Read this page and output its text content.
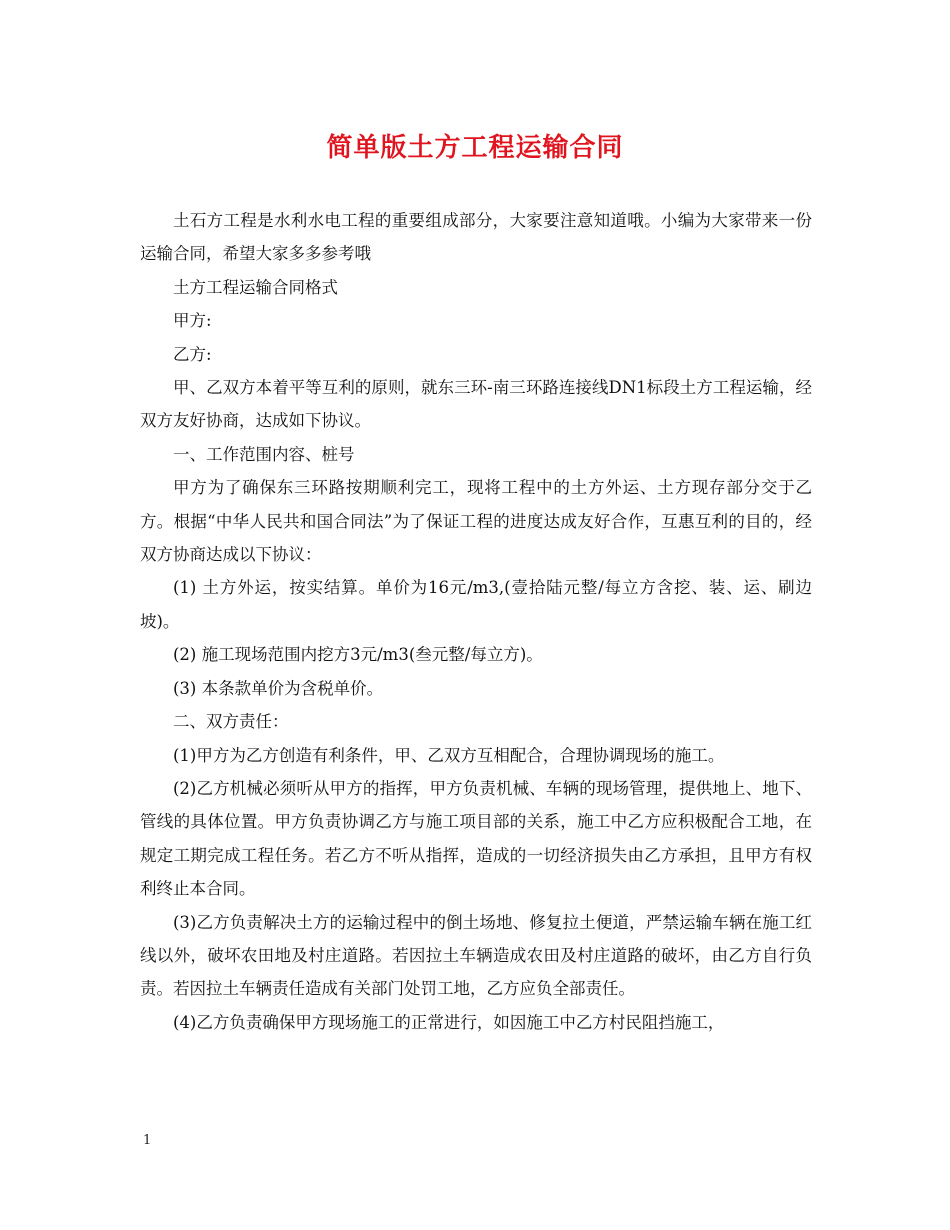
简单版土方工程运输合同

土石方工程是水利水电工程的重要组成部分，大家要注意知道哦。小编为大家带来一份运输合同，希望大家多多参考哦

土方工程运输合同格式

甲方:

乙方:

甲、乙双方本着平等互利的原则，就东三环-南三环路连接线DN1标段土方工程运输，经双方友好协商，达成如下协议。

一、工作范围内容、桩号

甲方为了确保东三环路按期顺利完工，现将工程中的土方外运、土方现存部分交于乙方。根据“中华人民共和国合同法”为了保证工程的进度达成友好合作，互惠互利的目的，经双方协商达成以下协议：

(1) 土方外运，按实结算。单价为16元/m3,(壹拾陆元整/每立方含挖、装、运、刷边坡)。

(2) 施工现场范围内挖方3元/m3(叁元整/每立方)。

(3) 本条款单价为含税单价。

二、双方责任：

(1)甲方为乙方创造有利条件，甲、乙双方互相配合，合理协调现场的施工。

(2)乙方机械必须听从甲方的指挥，甲方负责机械、车辆的现场管理，提供地上、地下、管线的具体位置。甲方负责协调乙方与施工项目部的关系，施工中乙方应积极配合工地，在规定工期完成工程任务。若乙方不听从指挥，造成的一切经济损失由乙方承担，且甲方有权利终止本合同。

(3)乙方负责解决土方的运输过程中的倒土场地、修复拉土便道，严禁运输车辆在施工红线以外，破坏农田地及村庄道路。若因拉土车辆造成农田及村庄道路的破坏，由乙方自行负责。若因拉土车辆责任造成有关部门处罚工地，乙方应负全部责任。

(4)乙方负责确保甲方现场施工的正常进行，如因施工中乙方村民阻挡施工，

1
